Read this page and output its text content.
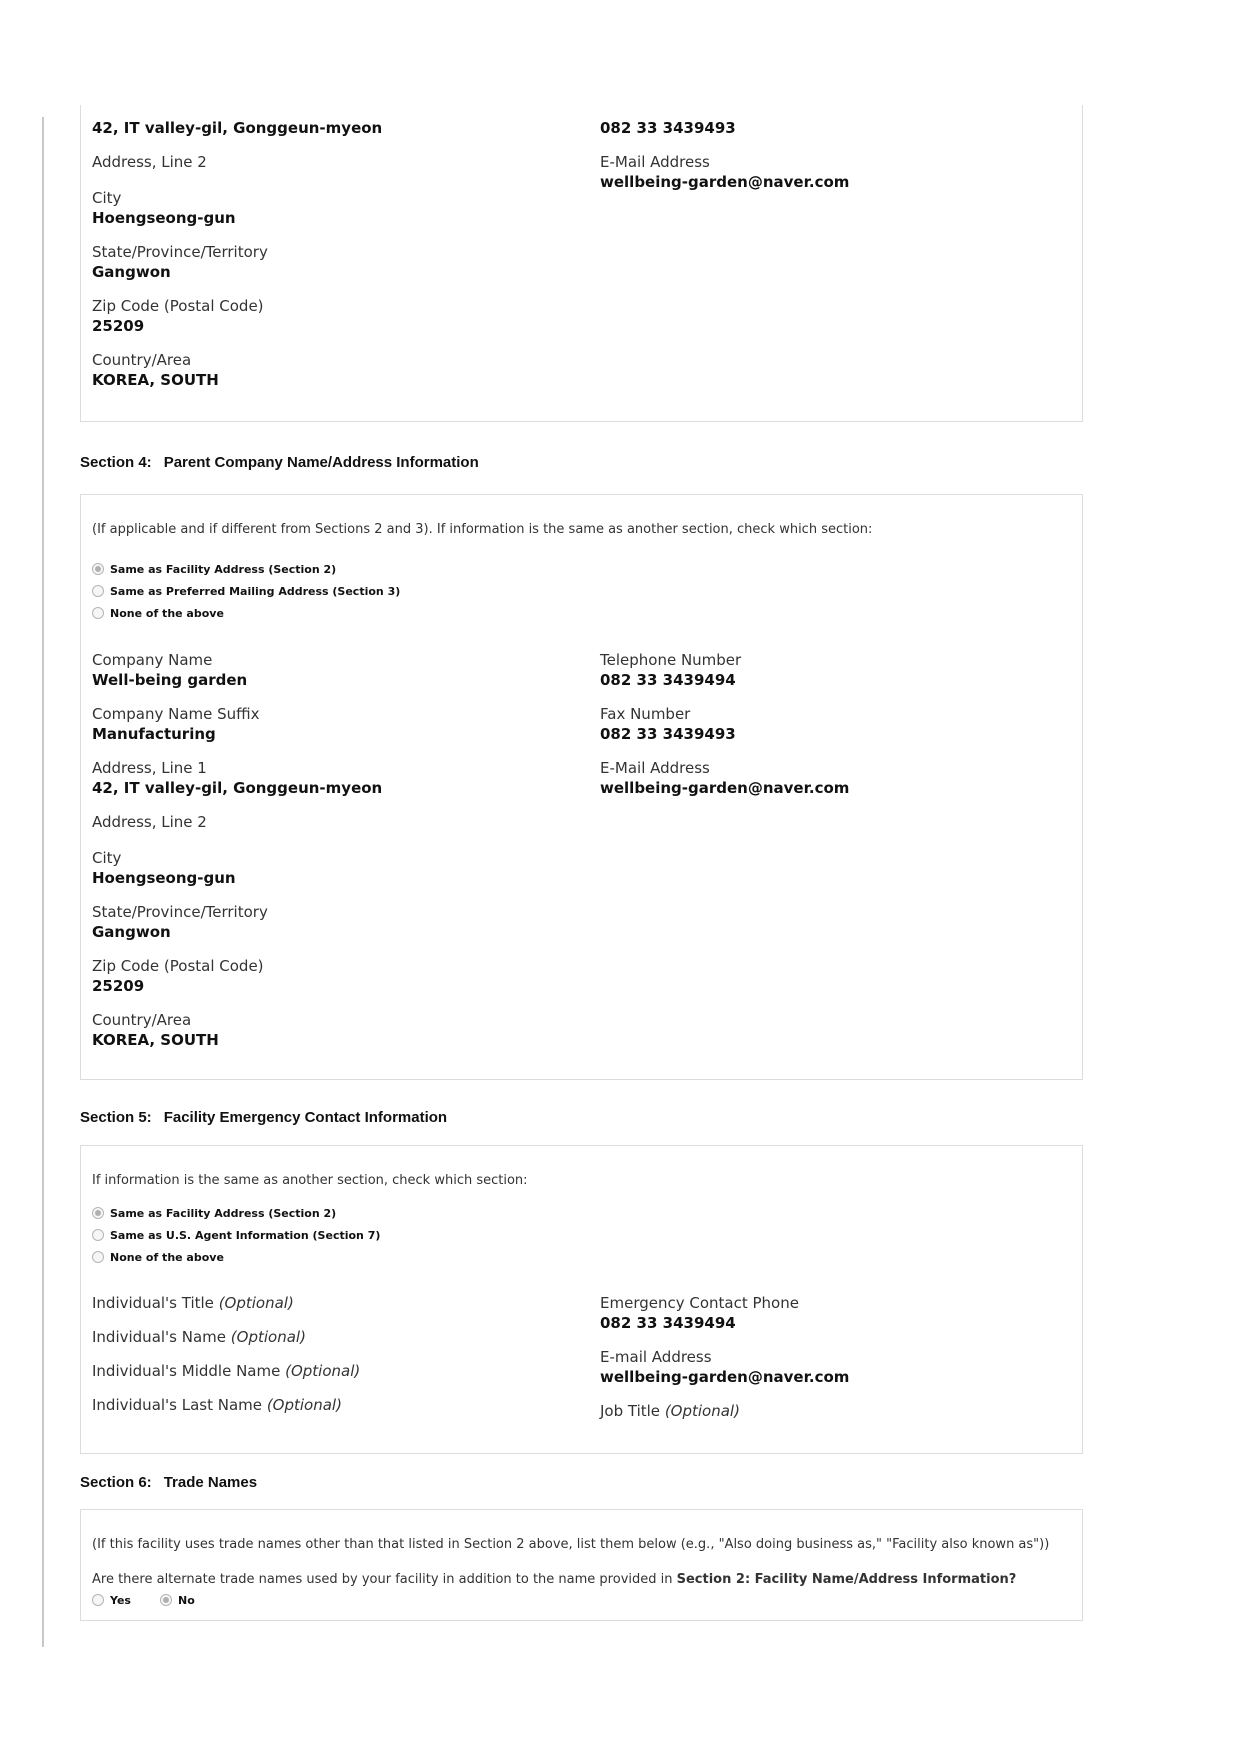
42, IT valley-gil, Gonggeun-myeon
Address, Line 2
City
Hoengseong-gun
State/Province/Territory
Gangwon
Zip Code (Postal Code)
25209
Country/Area
KOREA, SOUTH
082 33 3439493
E-Mail Address
wellbeing-garden@naver.com
Section 4: Parent Company Name/Address Information
(If applicable and if different from Sections 2 and 3). If information is the same as another section, check which section:
Same as Facility Address (Section 2)
Same as Preferred Mailing Address (Section 3)
None of the above
Company Name
Well-being garden
Company Name Suffix
Manufacturing
Address, Line 1
42, IT valley-gil, Gonggeun-myeon
Address, Line 2
City
Hoengseong-gun
State/Province/Territory
Gangwon
Zip Code (Postal Code)
25209
Country/Area
KOREA, SOUTH
Telephone Number
082 33 3439494
Fax Number
082 33 3439493
E-Mail Address
wellbeing-garden@naver.com
Section 5: Facility Emergency Contact Information
If information is the same as another section, check which section:
Same as Facility Address (Section 2)
Same as U.S. Agent Information (Section 7)
None of the above
Individual's Title (Optional)
Individual's Name (Optional)
Individual's Middle Name (Optional)
Individual's Last Name (Optional)
Emergency Contact Phone
082 33 3439494
E-mail Address
wellbeing-garden@naver.com
Job Title (Optional)
Section 6: Trade Names
(If this facility uses trade names other than that listed in Section 2 above, list them below (e.g., "Also doing business as," "Facility also known as"))
Are there alternate trade names used by your facility in addition to the name provided in Section 2: Facility Name/Address Information?
Yes	No
